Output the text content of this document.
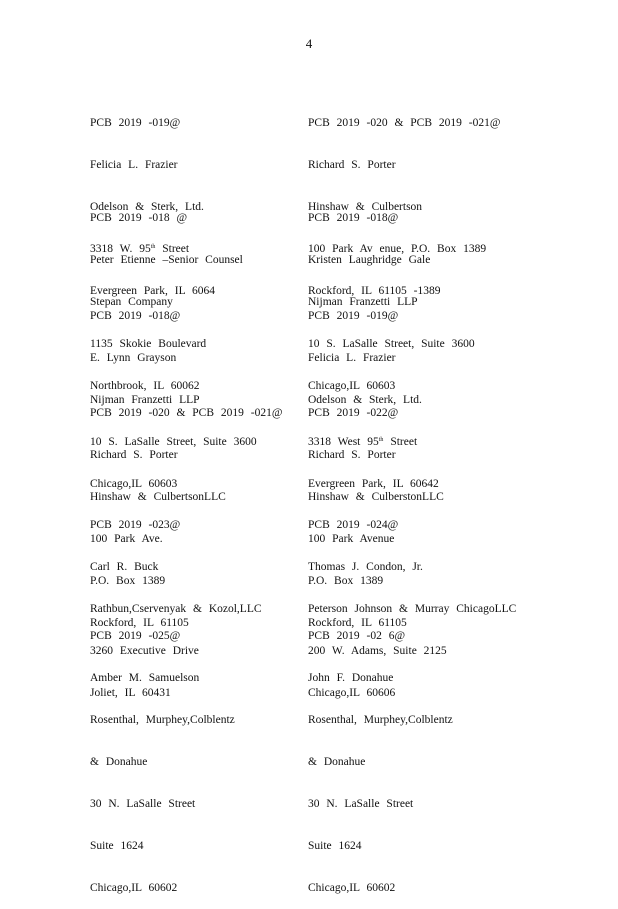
4

PCB 2019 -019@

Felicia L. Frazier

Odelson & Sterk, Ltd.

3318 W. 95th Street

Evergreen Park, IL 6064

PCB 2019 -020 & PCB 2019 -021@

Richard S. Porter

Hinshaw & Culbertson

100 Park Av enue, P.O. Box 1389

Rockford, IL 61105 -1389

PCB 2019 -018 @

Peter Etienne –Senior Counsel

Stepan Company

1135 Skokie Boulevard

Northbrook, IL 60062

PCB 2019 -018@

Kristen Laughridge Gale

Nijman Franzetti LLP

10 S. LaSalle Street, Suite 3600

Chicago,IL 60603

PCB 2019 -018@

E. Lynn Grayson

Nijman Franzetti LLP

10 S. LaSalle Street, Suite 3600

Chicago,IL 60603

PCB 2019 -019@

Felicia L. Frazier

Odelson & Sterk, Ltd.

3318 West 95th Street

Evergreen Park, IL 60642

PCB 2019 -020 & PCB 2019 -021@

Richard S. Porter

Hinshaw & CulbertsonLLC

100 Park Ave.

P.O. Box 1389

Rockford, IL 61105

PCB 2019 -022@

Richard S. Porter

Hinshaw & CulberstonLLC

100 Park Avenue

P.O. Box 1389

Rockford, IL 61105

PCB 2019 -023@

Carl R. Buck

Rathbun,Cservenyak & Kozol,LLC

3260 Executive Drive

Joliet, IL 60431

PCB 2019 -024@

Thomas J. Condon, Jr.

Peterson Johnson & Murray ChicagoLLC

200 W. Adams, Suite 2125

Chicago,IL 60606

PCB 2019 -025@

Amber M. Samuelson

Rosenthal, Murphey,Colblentz

& Donahue

30 N. LaSalle Street

Suite 1624

Chicago,IL 60602

PCB 2019 -02 6@

John F. Donahue

Rosenthal, Murphey,Colblentz

& Donahue

30 N. LaSalle Street

Suite 1624

Chicago,IL 60602
